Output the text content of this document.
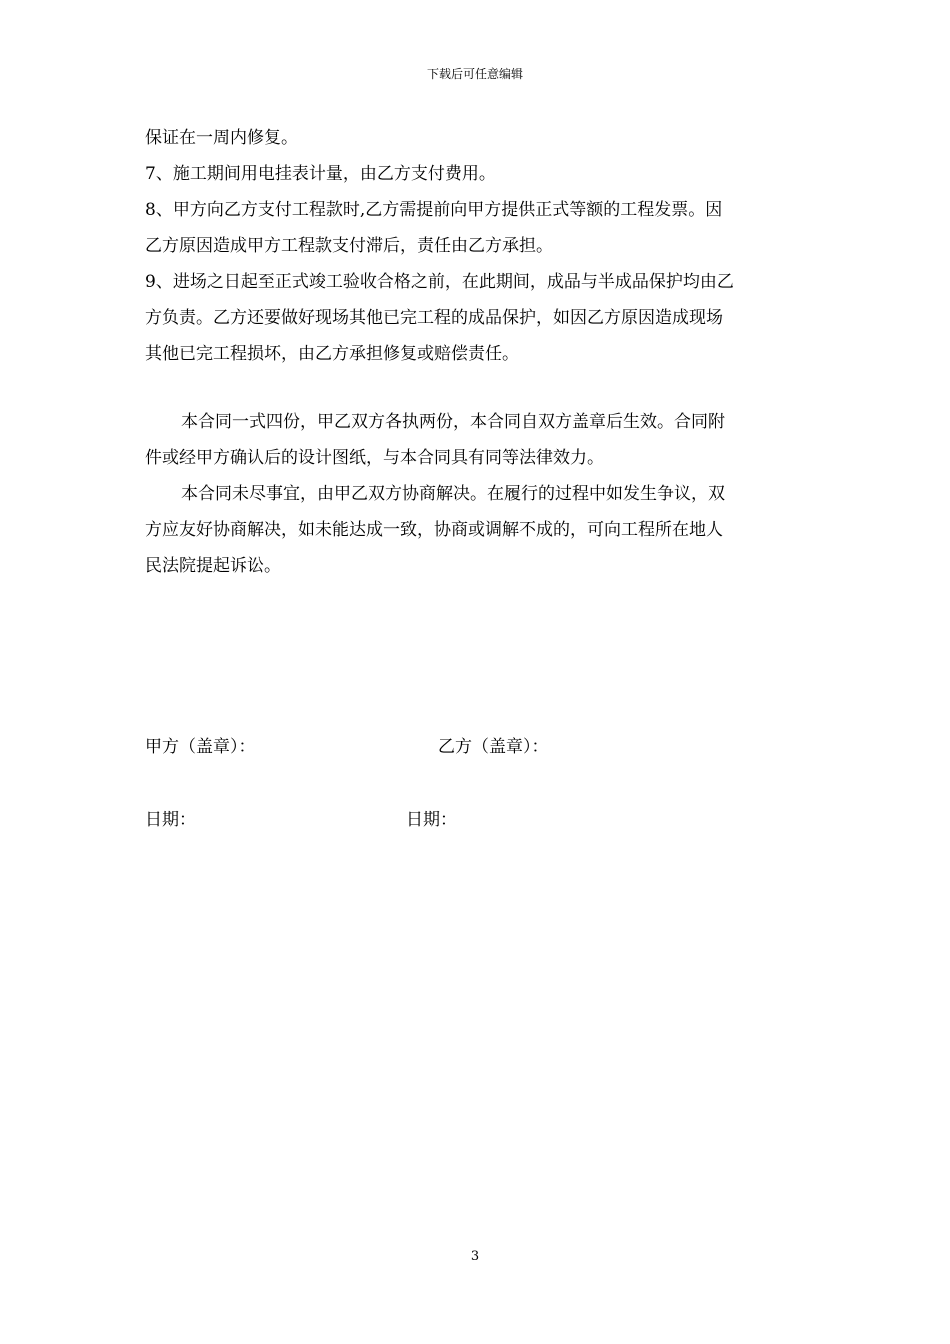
下载后可任意编辑
保证在一周内修复。
7、施工期间用电挂表计量，由乙方支付费用。
8、甲方向乙方支付工程款时,乙方需提前向甲方提供正式等额的工程发票。因
乙方原因造成甲方工程款支付滞后，责任由乙方承担。
9、进场之日起至正式竣工验收合格之前，在此期间，成品与半成品保护均由乙
方负责。乙方还要做好现场其他已完工程的成品保护，如因乙方原因造成现场
其他已完工程损坏，由乙方承担修复或赔偿责任。
本合同一式四份，甲乙双方各执两份，本合同自双方盖章后生效。合同附
件或经甲方确认后的设计图纸，与本合同具有同等法律效力。
本合同未尽事宜，由甲乙双方协商解决。在履行的过程中如发生争议，双
方应友好协商解决，如未能达成一致，协商或调解不成的，可向工程所在地人
民法院提起诉讼。
甲方（盖章）：	乙方（盖章）：
日期：	日期：
3
